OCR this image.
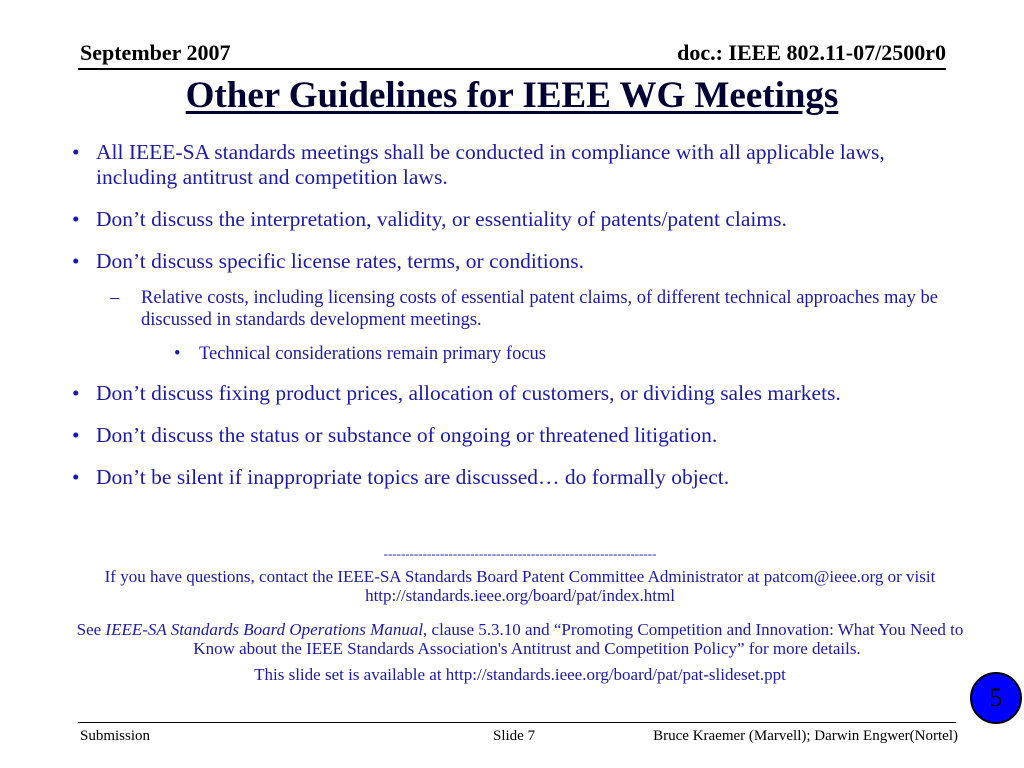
September 2007	doc.: IEEE 802.11-07/2500r0
Other Guidelines for IEEE WG Meetings
• All IEEE-SA standards meetings shall be conducted in compliance with all applicable laws, including antitrust and competition laws.
• Don’t discuss the interpretation, validity, or essentiality of patents/patent claims.
• Don’t discuss specific license rates, terms, or conditions.
– Relative costs, including licensing costs of essential patent claims, of different technical approaches may be discussed in standards development meetings.
• Technical considerations remain primary focus
• Don’t discuss fixing product prices, allocation of customers, or dividing sales markets.
• Don’t discuss the status or substance of ongoing or threatened litigation.
• Don’t be silent if inappropriate topics are discussed… do formally object.
---------------------------------------------------------------

If you have questions, contact the IEEE-SA Standards Board Patent Committee Administrator at patcom@ieee.org or visit http://standards.ieee.org/board/pat/index.html

See IEEE-SA Standards Board Operations Manual, clause 5.3.10 and “Promoting Competition and Innovation: What You Need to Know about the IEEE Standards Association's Antitrust and Competition Policy” for more details.

This slide set is available at http://standards.ieee.org/board/pat/pat-slideset.ppt

5
Submission	Slide 7	Bruce Kraemer (Marvell); Darwin Engwer(Nortel)
